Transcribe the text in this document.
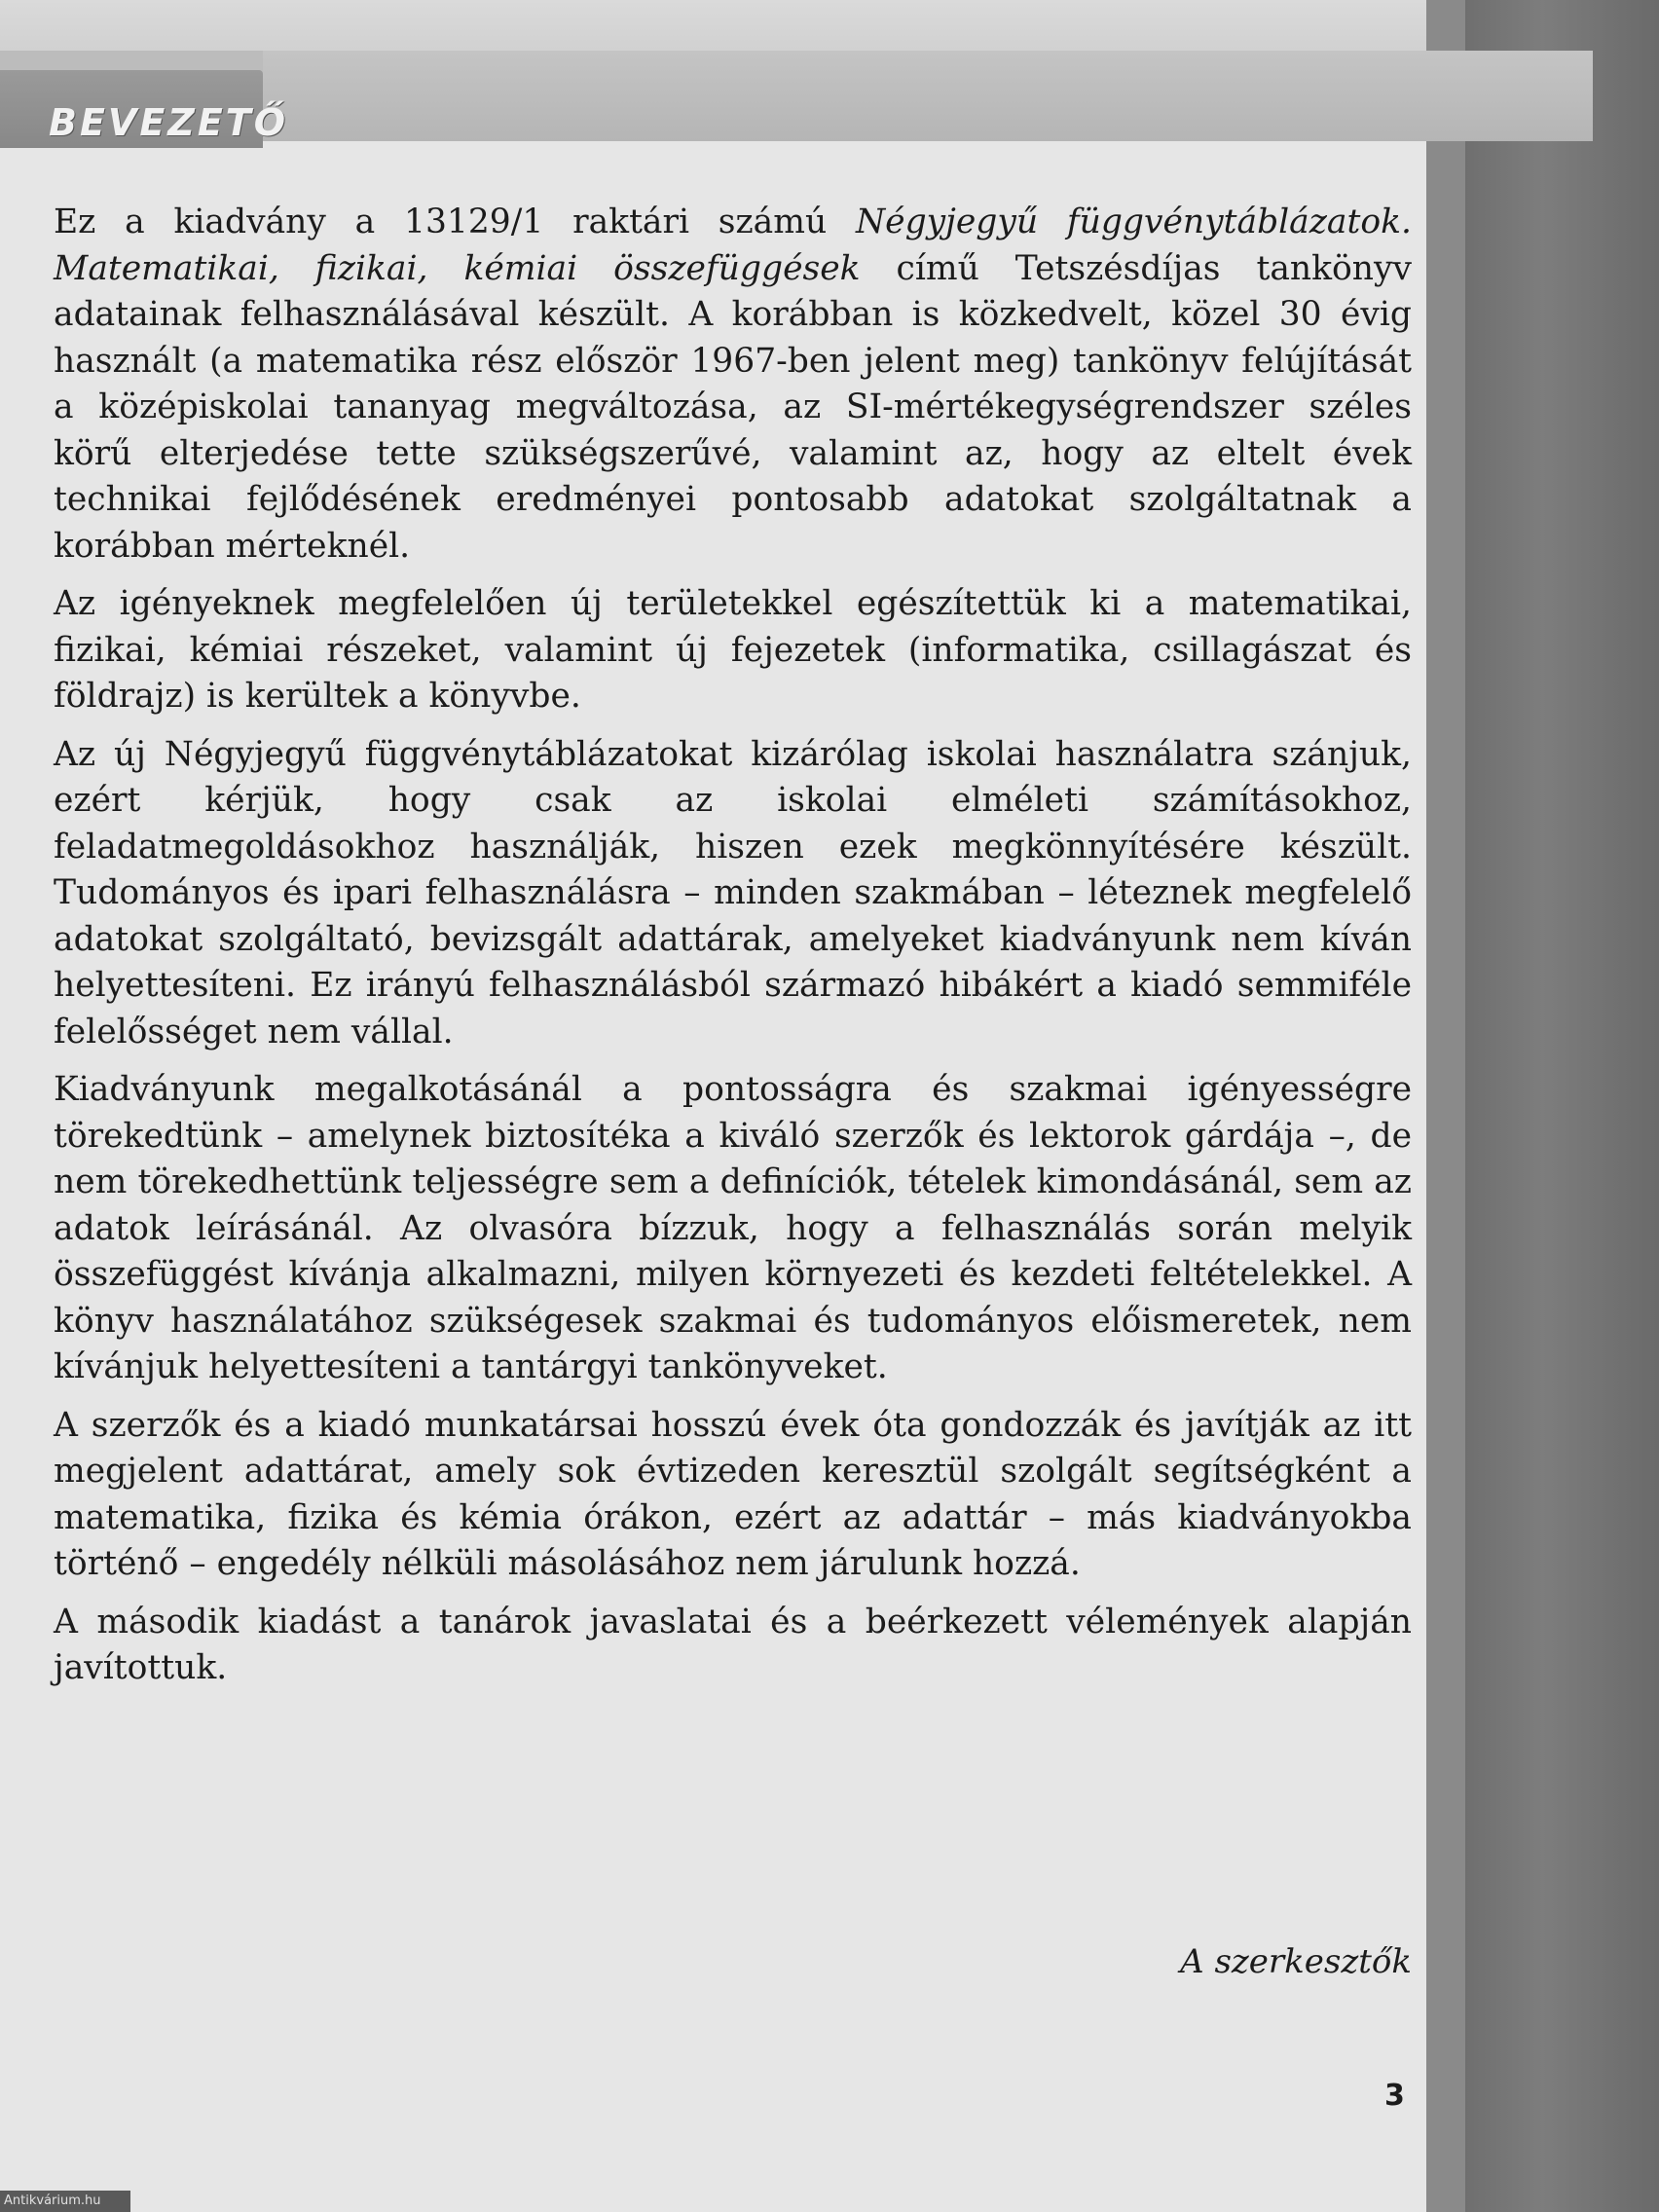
BEVEZETŐ

Ez a kiadvány a 13129/1 raktári számú Négyjegyű függvénytáblázatok. Matematikai, fizikai, kémiai összefüggések című Tetszésdíjas tankönyv adatainak felhasználásával készült. A korábban is közkedvelt, közel 30 évig használt (a matematika rész először 1967-ben jelent meg) tankönyv felújítását a középiskolai tananyag megváltozása, az SI-mértékegységrendszer széles körű elterjedése tette szükségszerűvé, valamint az, hogy az eltelt évek technikai fejlődésének eredményei pontosabb adatokat szolgáltatnak a korábban mérteknél.

Az igényeknek megfelelően új területekkel egészítettük ki a matematikai, fizikai, kémiai részeket, valamint új fejezetek (informatika, csillagászat és földrajz) is kerültek a könyvbe.

Az új Négyjegyű függvénytáblázatokat kizárólag iskolai használatra szánjuk, ezért kérjük, hogy csak az iskolai elméleti számításokhoz, feladatmegoldásokhoz használják, hiszen ezek megkönnyítésére készült. Tudományos és ipari felhasználásra – minden szakmában – léteznek megfelelő adatokat szolgáltató, bevizsgált adattárak, amelyeket kiadványunk nem kíván helyettesíteni. Ez irányú felhasználásból származó hibákért a kiadó semmiféle felelősséget nem vállal.

Kiadványunk megalkotásánál a pontosságra és szakmai igényességre törekedtünk – amelynek biztosítéka a kiváló szerzők és lektorok gárdája –, de nem törekedhettünk teljességre sem a definíciók, tételek kimondásánál, sem az adatok leírásánál. Az olvasóra bízzuk, hogy a felhasználás során melyik összefüggést kívánja alkalmazni, milyen környezeti és kezdeti feltételekkel. A könyv használatához szükségesek szakmai és tudományos előismeretek, nem kívánjuk helyettesíteni a tantárgyi tankönyveket.

A szerzők és a kiadó munkatársai hosszú évek óta gondozzák és javítják az itt megjelent adattárat, amely sok évtizeden keresztül szolgált segítségként a matematika, fizika és kémia órákon, ezért az adattár – más kiadványokba történő – engedély nélküli másolásához nem járulunk hozzá.

A második kiadást a tanárok javaslatai és a beérkezett vélemények alapján javítottuk.

A szerkesztők
3
Antikvárium.hu
